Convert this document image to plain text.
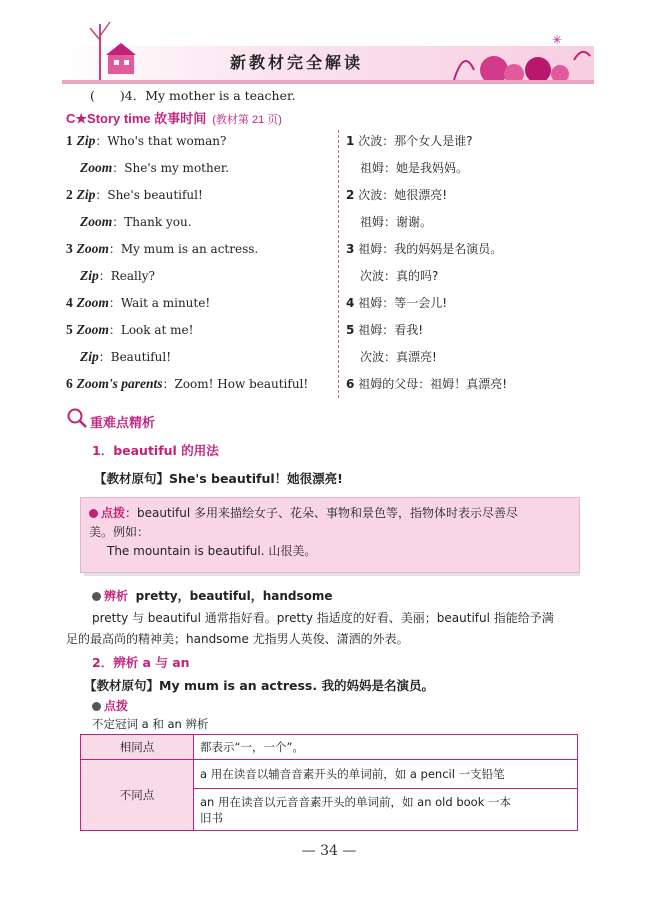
新教材完全解读
✳
(　　)4．My mother is a teacher.
C★Story time 故事时间 (教材第 21 页)
1 Zip：Who's that woman?
Zoom：She's my mother.
2 Zip：She's beautiful!
Zoom：Thank you.
3 Zoom：My mum is an actress.
Zip：Really?
4 Zoom：Wait a minute!
5 Zoom：Look at me!
Zip：Beautiful!
6 Zoom's parents：Zoom! How beautiful!
1 次波：那个女人是谁?
祖姆：她是我妈妈。
2 次波：她很漂亮!
祖姆：谢谢。
3 祖姆：我的妈妈是名演员。
次波：真的吗?
4 祖姆：等一会儿!
5 祖姆：看我!
次波：真漂亮!
6 祖姆的父母：祖姆！真漂亮!
重难点精析
1．beautiful 的用法
【教材原句】She's beautiful！她很漂亮!
点拨：beautiful 多用来描绘女子、花朵、事物和景色等，指物体时表示尽善尽
美。例如：
The mountain is beautiful. 山很美。
辨析 pretty，beautiful，handsome
pretty 与 beautiful 通常指好看。pretty 指适度的好看、美丽；beautiful 指能给予满
足的最高尚的精神美；handsome 尤指男人英俊、潇洒的外表。
2．辨析 a 与 an
【教材原句】My mum is an actress. 我的妈妈是名演员。
点拨
不定冠词 a 和 an 辨析
相同点	都表示“一，一个”。
不同点	a 用在读音以辅音音素开头的单词前，如 a pencil 一支铅笔

	an 用在读音以元音音素开头的单词前，如 an old book 一本
旧书
— 34 —
